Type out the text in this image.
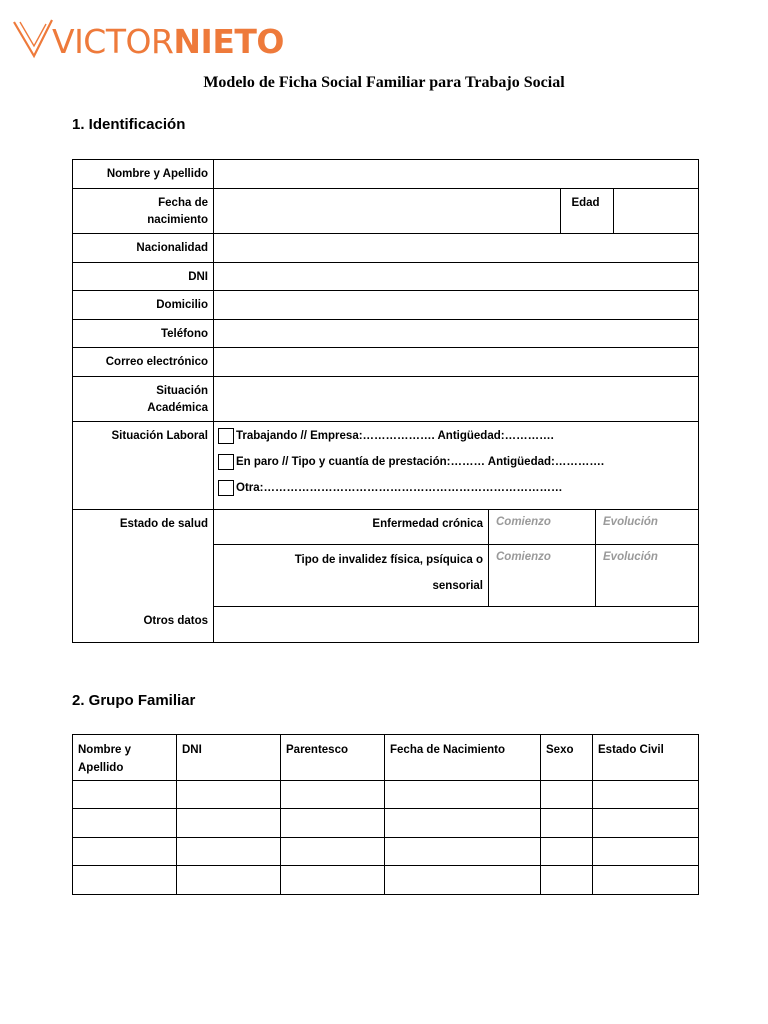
VICTORNIETO
Modelo de Ficha Social Familiar para Trabajo Social
1. Identificación
Nombre y Apellido			

Fecha de
nacimiento		Edad	
Nacionalidad			
DNI			
Domicilio			
Teléfono			
Correo electrónico			

Situación
Académica			

Situación Laboral	Trabajando // Empresa:………………. Antigüedad:………….
En paro // Tipo y cuantía de prestación:……… Antigüedad:………….
Otra:……………………………………………………………………		
Estado de salud	Enfermedad crónica	Comienzo	Evolución

	Tipo de invalidez física, psíquica o
sensorial	Comienzo	Evolución
Otros datos			
2. Grupo Familiar
Nombre y Apellido	DNI	Parentesco	Fecha de Nacimiento	Sexo	Estado Civil
